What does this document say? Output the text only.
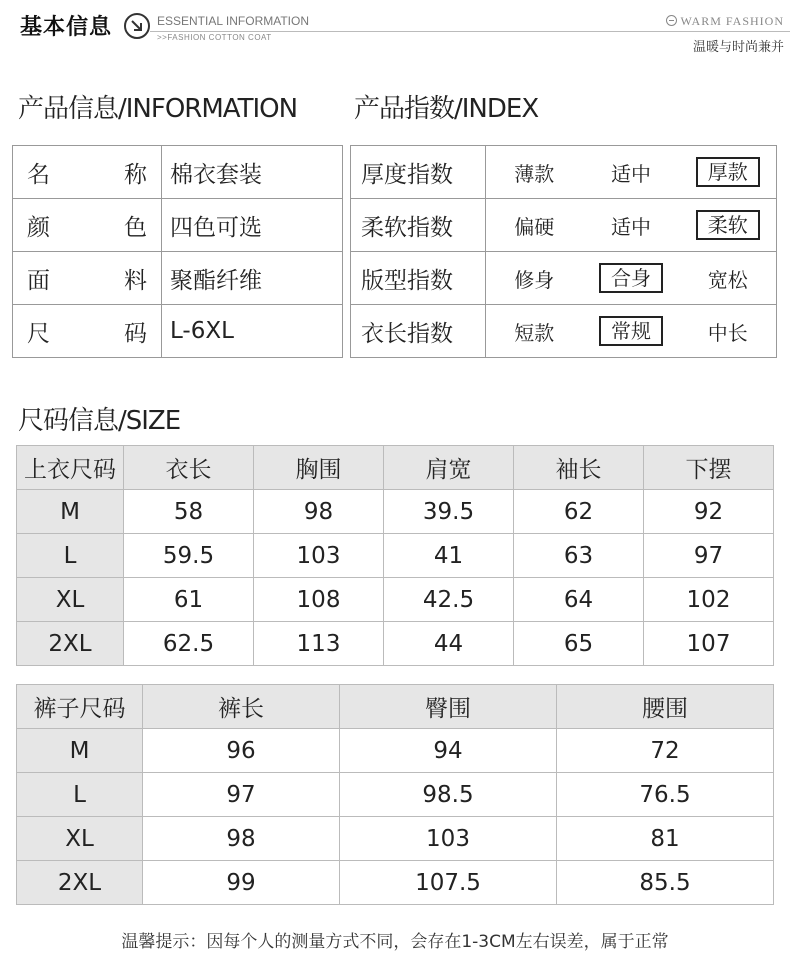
基本信息	ESSENTIAL INFORMATION
>>FASHION COTTON COAT
WARM FASHION
温暖与时尚兼并
产品信息/INFORMATION 产品指数/INDEX
名称	棉衣套装
颜色	四色可选
面料	聚酯纤维
尺码	L-6XL
厚度指数	薄款	适中	厚款
柔软指数	偏硬	适中	柔软
版型指数	修身	合身	宽松
衣长指数	短款	常规	中长
尺码信息/SIZE
上衣尺码	衣长	胸围	肩宽	袖长	下摆
M	58	98	39.5	62	92
L	59.5	103	41	63	97
XL	61	108	42.5	64	102
2XL	62.5	113	44	65	107
裤子尺码	裤长	臀围	腰围
M	96	94	72
L	97	98.5	76.5
XL	98	103	81
2XL	99	107.5	85.5
温馨提示：因每个人的测量方式不同，会存在1-3CM左右误差，属于正常
